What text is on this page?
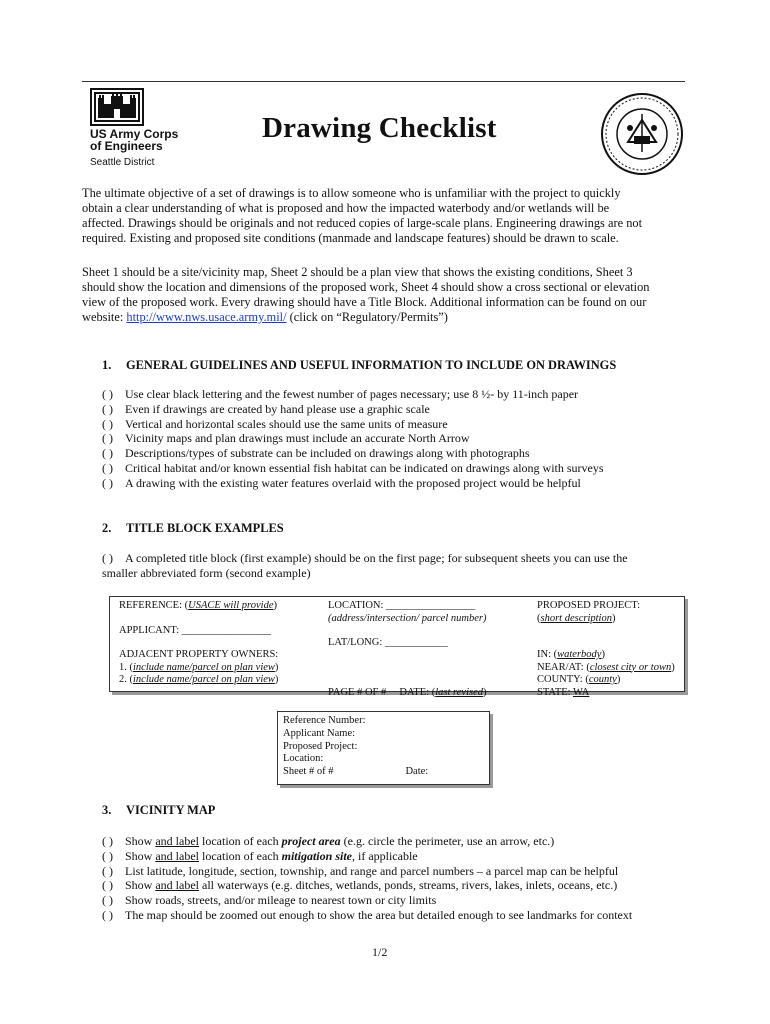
US Army Corps
of Engineers
Seattle District
Drawing Checklist
The ultimate objective of a set of drawings is to allow someone who is unfamiliar with the project to quickly
obtain a clear understanding of what is proposed and how the impacted waterbody and/or wetlands will be
affected. Drawings should be originals and not reduced copies of large-scale plans. Engineering drawings are not
required. Existing and proposed site conditions (manmade and landscape features) should be drawn to scale.
Sheet 1 should be a site/vicinity map, Sheet 2 should be a plan view that shows the existing conditions, Sheet 3
should show the location and dimensions of the proposed work, Sheet 4 should show a cross sectional or elevation
view of the proposed work. Every drawing should have a Title Block. Additional information can be found on our
website: http://www.nws.usace.army.mil/ (click on “Regulatory/Permits”)
1. GENERAL GUIDELINES AND USEFUL INFORMATION TO INCLUDE ON DRAWINGS
( ) Use clear black lettering and the fewest number of pages necessary; use 8 ½- by 11-inch paper
( ) Even if drawings are created by hand please use a graphic scale
( ) Vertical and horizontal scales should use the same units of measure
( ) Vicinity maps and plan drawings must include an accurate North Arrow
( ) Descriptions/types of substrate can be included on drawings along with photographs
( ) Critical habitat and/or known essential fish habitat can be indicated on drawings along with surveys
( ) A drawing with the existing water features overlaid with the proposed project would be helpful
2. TITLE BLOCK EXAMPLES
( ) A completed title block (first example) should be on the first page; for subsequent sheets you can use the
smaller abbreviated form (second example)
REFERENCE: (USACE will provide)
APPLICANT: _________________
ADJACENT PROPERTY OWNERS:
1. (include name/parcel on plan view)
2. (include name/parcel on plan view)
LOCATION: _________________
(address/intersection/ parcel number)
LAT/LONG: ____________
PAGE # OF # DATE: (last revised)
PROPOSED PROJECT:
(short description)
IN: (waterbody)
NEAR/AT: (closest city or town)
COUNTY: (county)
STATE: WA
Reference Number:
Applicant Name:
Proposed Project:
Location:
Sheet # of #	Date:
3. VICINITY MAP
( ) Show and label location of each project area (e.g. circle the perimeter, use an arrow, etc.)
( ) Show and label location of each mitigation site, if applicable
( ) List latitude, longitude, section, township, and range and parcel numbers – a parcel map can be helpful
( ) Show and label all waterways (e.g. ditches, wetlands, ponds, streams, rivers, lakes, inlets, oceans, etc.)
( ) Show roads, streets, and/or mileage to nearest town or city limits
( ) The map should be zoomed out enough to show the area but detailed enough to see landmarks for context
1/2
